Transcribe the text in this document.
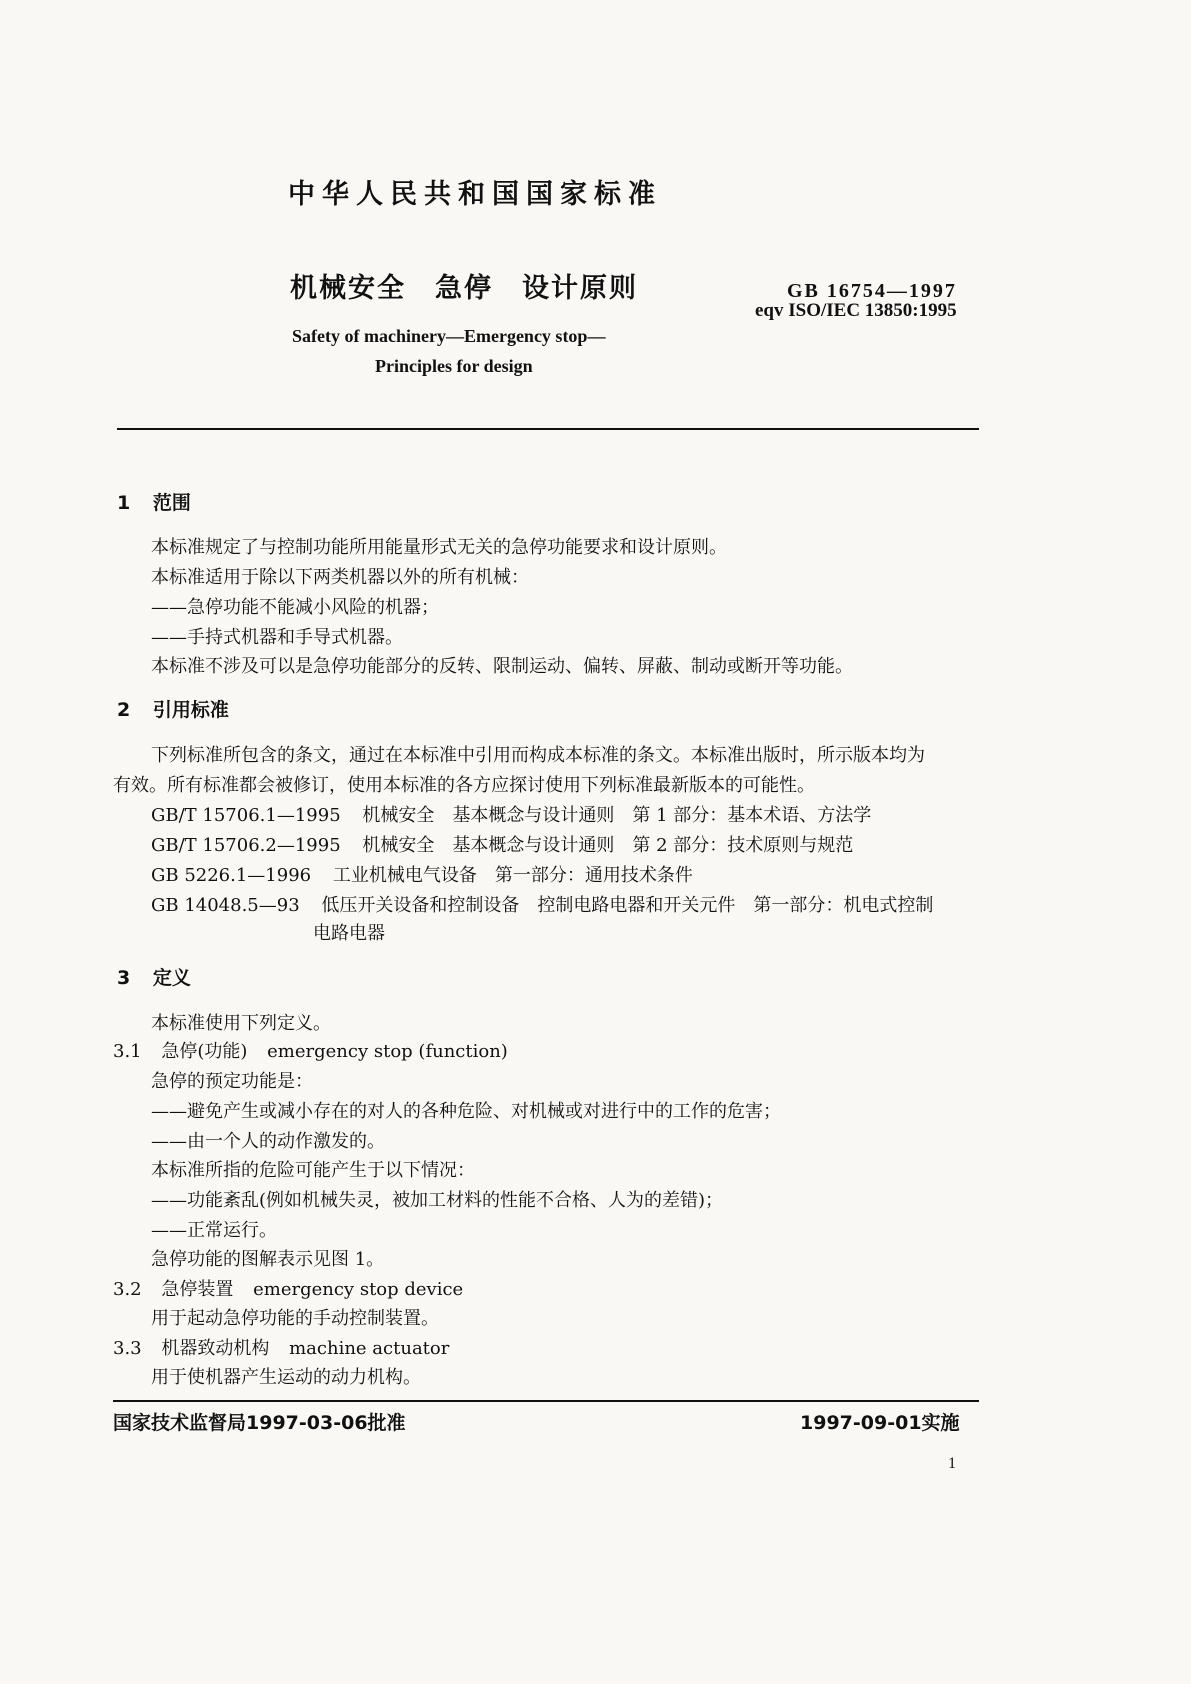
中华人民共和国国家标准
机械安全　急停　设计原则	GB 16754—1997
eqv ISO/IEC 13850:1995
Safety of machinery—Emergency stop—
Principles for design
1 范围
本标准规定了与控制功能所用能量形式无关的急停功能要求和设计原则。
本标准适用于除以下两类机器以外的所有机械：
——急停功能不能减小风险的机器；
——手持式机器和手导式机器。
本标准不涉及可以是急停功能部分的反转、限制运动、偏转、屏蔽、制动或断开等功能。
2 引用标准
下列标准所包含的条文，通过在本标准中引用而构成本标准的条文。本标准出版时，所示版本均为
有效。所有标准都会被修订，使用本标准的各方应探讨使用下列标准最新版本的可能性。
GB/T 15706.1—1995 机械安全　基本概念与设计通则　第 1 部分：基本术语、方法学
GB/T 15706.2—1995 机械安全　基本概念与设计通则　第 2 部分：技术原则与规范
GB 5226.1—1996 工业机械电气设备　第一部分：通用技术条件
GB 14048.5—93 低压开关设备和控制设备　控制电路电器和开关元件　第一部分：机电式控制
电路电器
3 定义
本标准使用下列定义。
3.1 急停(功能) emergency stop (function)
急停的预定功能是：
——避免产生或减小存在的对人的各种危险、对机械或对进行中的工作的危害；
——由一个人的动作激发的。
本标准所指的危险可能产生于以下情况：
——功能紊乱(例如机械失灵，被加工材料的性能不合格、人为的差错)；
——正常运行。
急停功能的图解表示见图 1。
3.2 急停装置 emergency stop device
用于起动急停功能的手动控制装置。
3.3 机器致动机构 machine actuator
用于使机器产生运动的动力机构。
国家技术监督局1997-03-06批准	1997-09-01实施
1
